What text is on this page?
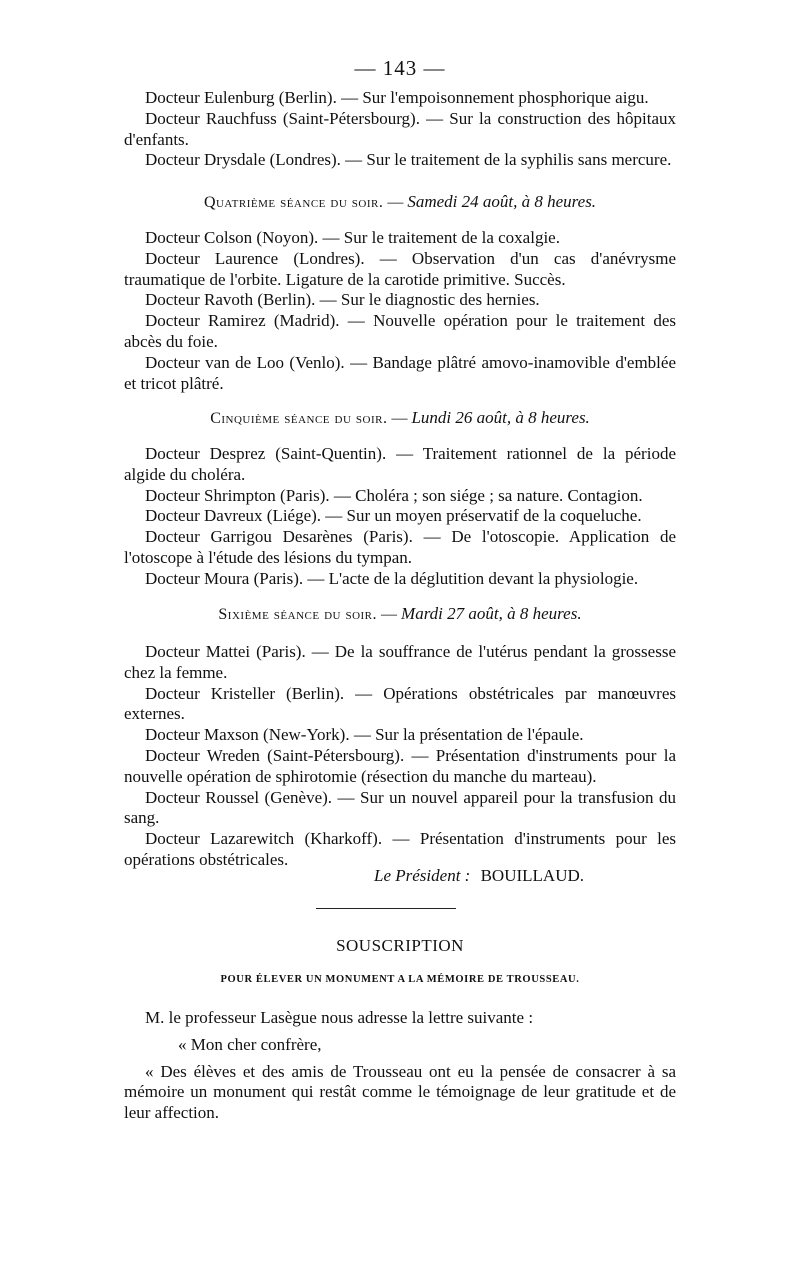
— 143 —

Docteur Eulenburg (Berlin). — Sur l'empoisonnement phosphorique aigu.

Docteur Rauchfuss (Saint-Pétersbourg). — Sur la construction des hôpitaux d'enfants.

Docteur Drysdale (Londres). — Sur le traitement de la syphilis sans mercure.

Quatrième séance du soir. — Samedi 24 août, à 8 heures.

Docteur Colson (Noyon). — Sur le traitement de la coxalgie.

Docteur Laurence (Londres). — Observation d'un cas d'anévrysme traumatique de l'orbite. Ligature de la carotide primitive. Succès.

Docteur Ravoth (Berlin). — Sur le diagnostic des hernies.

Docteur Ramirez (Madrid). — Nouvelle opération pour le traitement des abcès du foie.

Docteur van de Loo (Venlo). — Bandage plâtré amovo-inamovible d'emblée et tricot plâtré.

Cinquième séance du soir. — Lundi 26 août, à 8 heures.

Docteur Desprez (Saint-Quentin). — Traitement rationnel de la période algide du choléra.

Docteur Shrimpton (Paris). — Choléra ; son siége ; sa nature. Contagion.

Docteur Davreux (Liége). — Sur un moyen préservatif de la coqueluche.

Docteur Garrigou Desarènes (Paris). — De l'otoscopie. Application de l'otoscope à l'étude des lésions du tympan.

Docteur Moura (Paris). — L'acte de la déglutition devant la physiologie.

Sixième séance du soir. — Mardi 27 août, à 8 heures.

Docteur Mattei (Paris). — De la souffrance de l'utérus pendant la grossesse chez la femme.

Docteur Kristeller (Berlin). — Opérations obstétricales par manœuvres externes.

Docteur Maxson (New-York). — Sur la présentation de l'épaule.

Docteur Wreden (Saint-Pétersbourg). — Présentation d'instruments pour la nouvelle opération de sphirotomie (résection du manche du marteau).

Docteur Roussel (Genève). — Sur un nouvel appareil pour la transfusion du sang.

Docteur Lazarewitch (Kharkoff). — Présentation d'instruments pour les opérations obstétricales.

Le Président : BOUILLAUD.
SOUSCRIPTION
POUR ÉLEVER UN MONUMENT A LA MÉMOIRE DE TROUSSEAU.

M. le professeur Lasègue nous adresse la lettre suivante :

« Mon cher confrère,

« Des élèves et des amis de Trousseau ont eu la pensée de consacrer à sa mémoire un monument qui restât comme le témoignage de leur gratitude et de leur affection.
